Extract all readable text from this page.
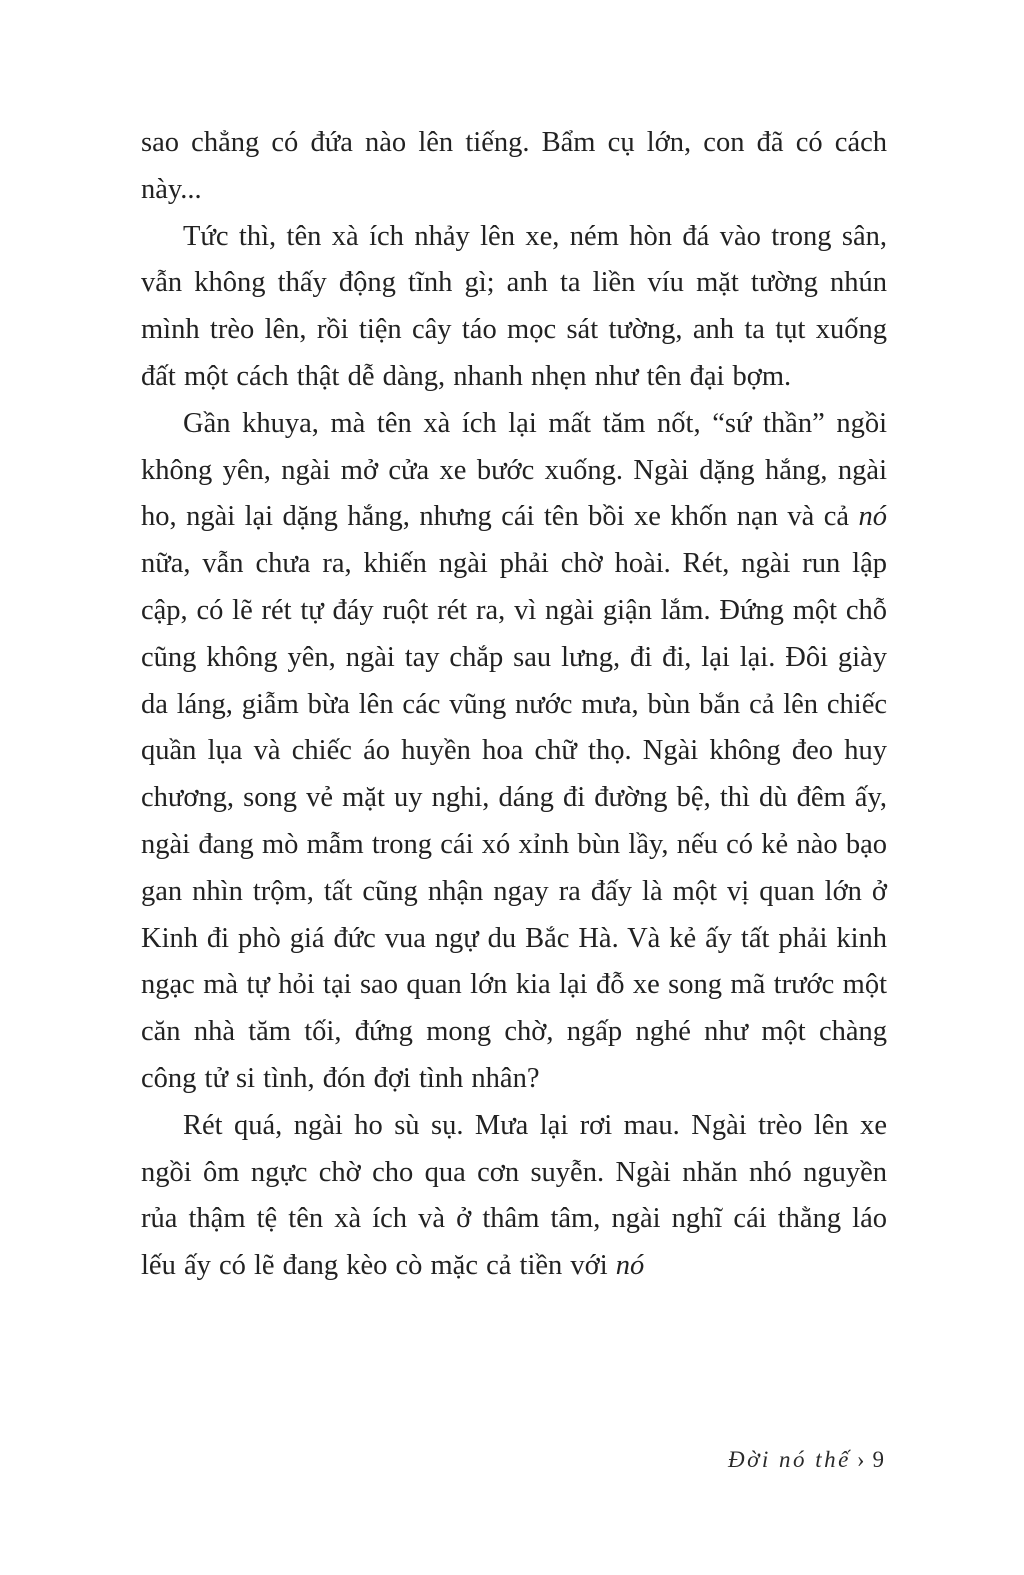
sao chẳng có đứa nào lên tiếng. Bẩm cụ lớn, con đã có cách này...

Tức thì, tên xà ích nhảy lên xe, ném hòn đá vào trong sân, vẫn không thấy động tĩnh gì; anh ta liền víu mặt tường nhún mình trèo lên, rồi tiện cây táo mọc sát tường, anh ta tụt xuống đất một cách thật dễ dàng, nhanh nhẹn như tên đại bợm.

Gần khuya, mà tên xà ích lại mất tăm nốt, “sứ thần” ngồi không yên, ngài mở cửa xe bước xuống. Ngài dặng hắng, ngài ho, ngài lại dặng hắng, nhưng cái tên bồi xe khốn nạn và cả nó nữa, vẫn chưa ra, khiến ngài phải chờ hoài. Rét, ngài run lập cập, có lẽ rét tự đáy ruột rét ra, vì ngài giận lắm. Đứng một chỗ cũng không yên, ngài tay chắp sau lưng, đi đi, lại lại. Đôi giày da láng, giẫm bừa lên các vũng nước mưa, bùn bắn cả lên chiếc quần lụa và chiếc áo huyền hoa chữ thọ. Ngài không đeo huy chương, song vẻ mặt uy nghi, dáng đi đường bệ, thì dù đêm ấy, ngài đang mò mẫm trong cái xó xỉnh bùn lầy, nếu có kẻ nào bạo gan nhìn trộm, tất cũng nhận ngay ra đấy là một vị quan lớn ở Kinh đi phò giá đức vua ngự du Bắc Hà. Và kẻ ấy tất phải kinh ngạc mà tự hỏi tại sao quan lớn kia lại đỗ xe song mã trước một căn nhà tăm tối, đứng mong chờ, ngấp nghé như một chàng công tử si tình, đón đợi tình nhân?

Rét quá, ngài ho sù sụ. Mưa lại rơi mau. Ngài trèo lên xe ngồi ôm ngực chờ cho qua cơn suyễn. Ngài nhăn nhó nguyền rủa thậm tệ tên xà ích và ở thâm tâm, ngài nghĩ cái thằng láo lếu ấy có lẽ đang kèo cò mặc cả tiền với nó

Đời nó thế › 9
